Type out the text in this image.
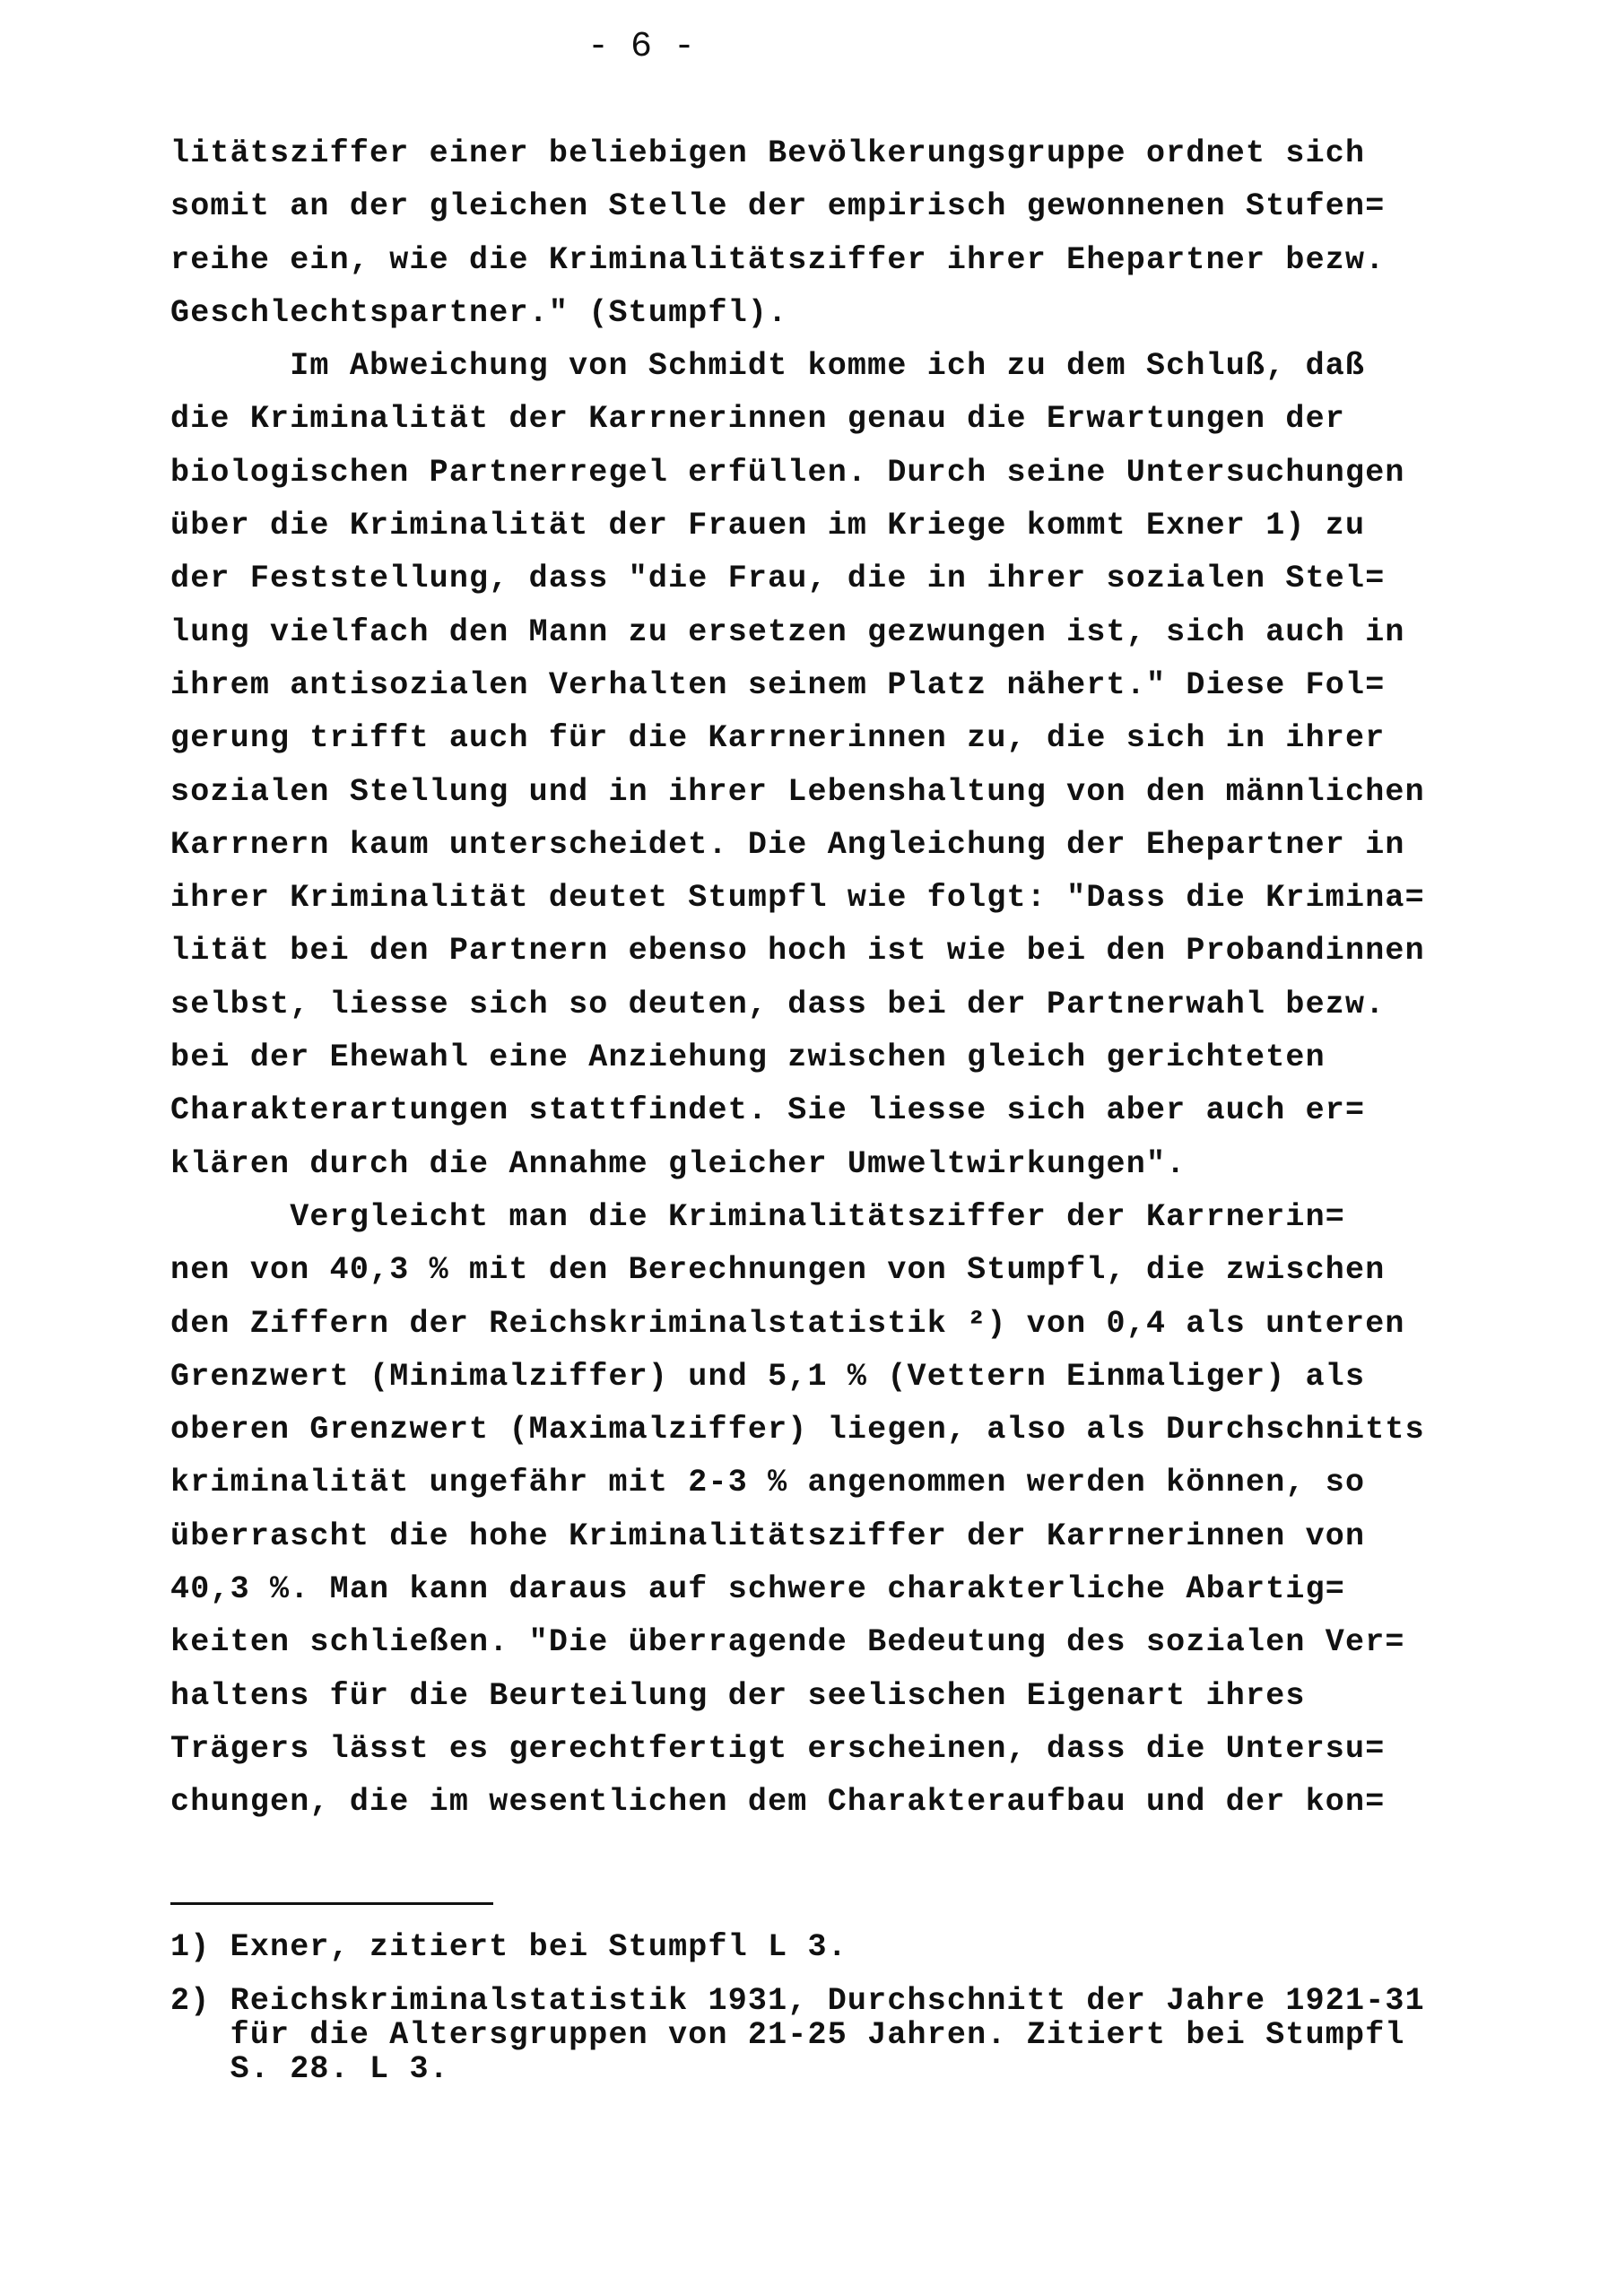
- 6 -
litätsziffer einer beliebigen Bevölkerungsgruppe ordnet sich
somit an der gleichen Stelle der empirisch gewonnenen Stufen=
reihe ein, wie die Kriminalitätsziffer ihrer Ehepartner bezw.
Geschlechtspartner." (Stumpfl).
Im Abweichung von Schmidt komme ich zu dem Schluß, daß
die Kriminalität der Karrnerinnen genau die Erwartungen der
biologischen Partnerregel erfüllen. Durch seine Untersuchungen
über die Kriminalität der Frauen im Kriege kommt Exner 1) zu
der Feststellung, dass "die Frau, die in ihrer sozialen Stel=
lung vielfach den Mann zu ersetzen gezwungen ist, sich auch in
ihrem antisozialen Verhalten seinem Platz nähert." Diese Fol=
gerung trifft auch für die Karrnerinnen zu, die sich in ihrer
sozialen Stellung und in ihrer Lebenshaltung von den männlichen
Karrnern kaum unterscheidet. Die Angleichung der Ehepartner in
ihrer Kriminalität deutet Stumpfl wie folgt: "Dass die Krimina=
lität bei den Partnern ebenso hoch ist wie bei den Probandinnen
selbst, liesse sich so deuten, dass bei der Partnerwahl bezw.
bei der Ehewahl eine Anziehung zwischen gleich gerichteten
Charakterartungen stattfindet. Sie liesse sich aber auch er=
klären durch die Annahme gleicher Umweltwirkungen".
Vergleicht man die Kriminalitätsziffer der Karrnerin=
nen von 40,3 % mit den Berechnungen von Stumpfl, die zwischen
den Ziffern der Reichskriminalstatistik ²) von 0,4 als unteren
Grenzwert (Minimalziffer) und 5,1 % (Vettern Einmaliger) als
oberen Grenzwert (Maximalziffer) liegen, also als Durchschnitts
kriminalität ungefähr mit 2-3 % angenommen werden können, so
überrascht die hohe Kriminalitätsziffer der Karrnerinnen von
40,3 %. Man kann daraus auf schwere charakterliche Abartig=
keiten schließen. "Die überragende Bedeutung des sozialen Ver=
haltens für die Beurteilung der seelischen Eigenart ihres
Trägers lässt es gerechtfertigt erscheinen, dass die Untersu=
chungen, die im wesentlichen dem Charakteraufbau und der kon=
1) Exner, zitiert bei Stumpfl L 3.
2) Reichskriminalstatistik 1931, Durchschnitt der Jahre 1921-31
für die Altersgruppen von 21-25 Jahren. Zitiert bei Stumpfl
S. 28. L 3.
